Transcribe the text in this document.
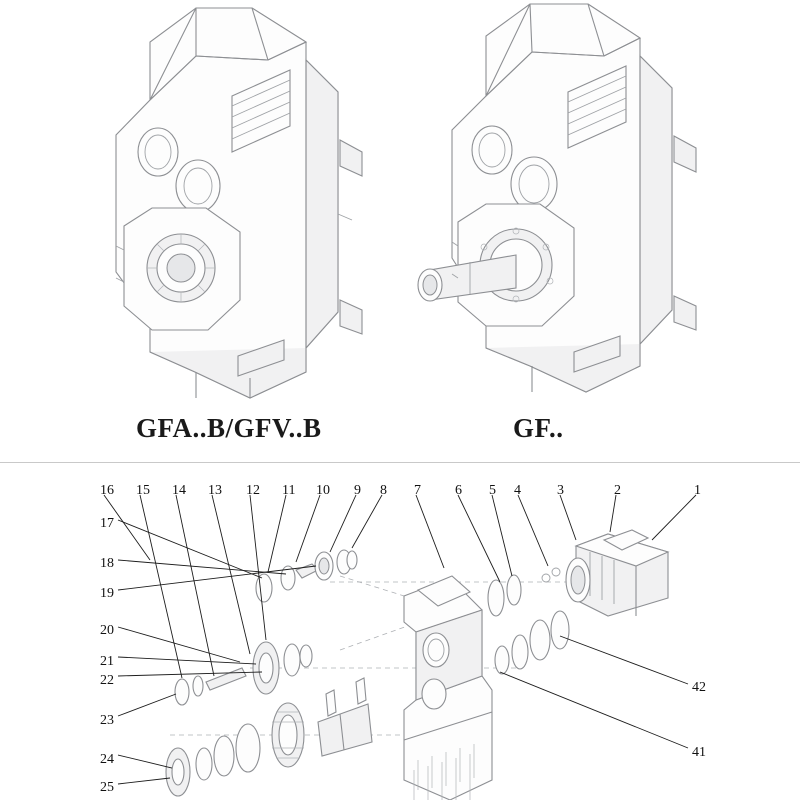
GFA..B/GFV..B	GF..
16 15 14 13 12 11 10 9 8 7 6 5 4	3	2	1
17
18
19
20
21
22
23
24
25
42
41
